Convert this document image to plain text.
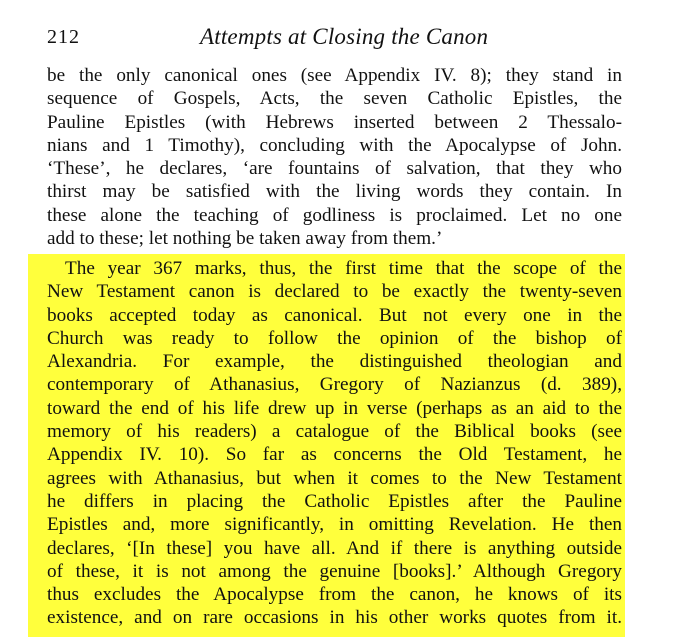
212	Attempts at Closing the Canon
be the only canonical ones (see Appendix IV. 8); they stand in
sequence of Gospels, Acts, the seven Catholic Epistles, the
Pauline Epistles (with Hebrews inserted between 2 Thessalo-
nians and 1 Timothy), concluding with the Apocalypse of John.
‘These’, he declares, ‘are fountains of salvation, that they who
thirst may be satisfied with the living words they contain. In
these alone the teaching of godliness is proclaimed. Let no one
add to these; let nothing be taken away from them.’
The year 367 marks, thus, the first time that the scope of the
New Testament canon is declared to be exactly the twenty-seven
books accepted today as canonical. But not every one in the
Church was ready to follow the opinion of the bishop of
Alexandria. For example, the distinguished theologian and
contemporary of Athanasius, Gregory of Nazianzus (d. 389),
toward the end of his life drew up in verse (perhaps as an aid to the
memory of his readers) a catalogue of the Biblical books (see
Appendix IV. 10). So far as concerns the Old Testament, he
agrees with Athanasius, but when it comes to the New Testament
he differs in placing the Catholic Epistles after the Pauline
Epistles and, more significantly, in omitting Revelation. He then
declares, ‘[In these] you have all. And if there is anything outside
of these, it is not among the genuine [books].’ Although Gregory
thus excludes the Apocalypse from the canon, he knows of its
existence, and on rare occasions in his other works quotes from it.
